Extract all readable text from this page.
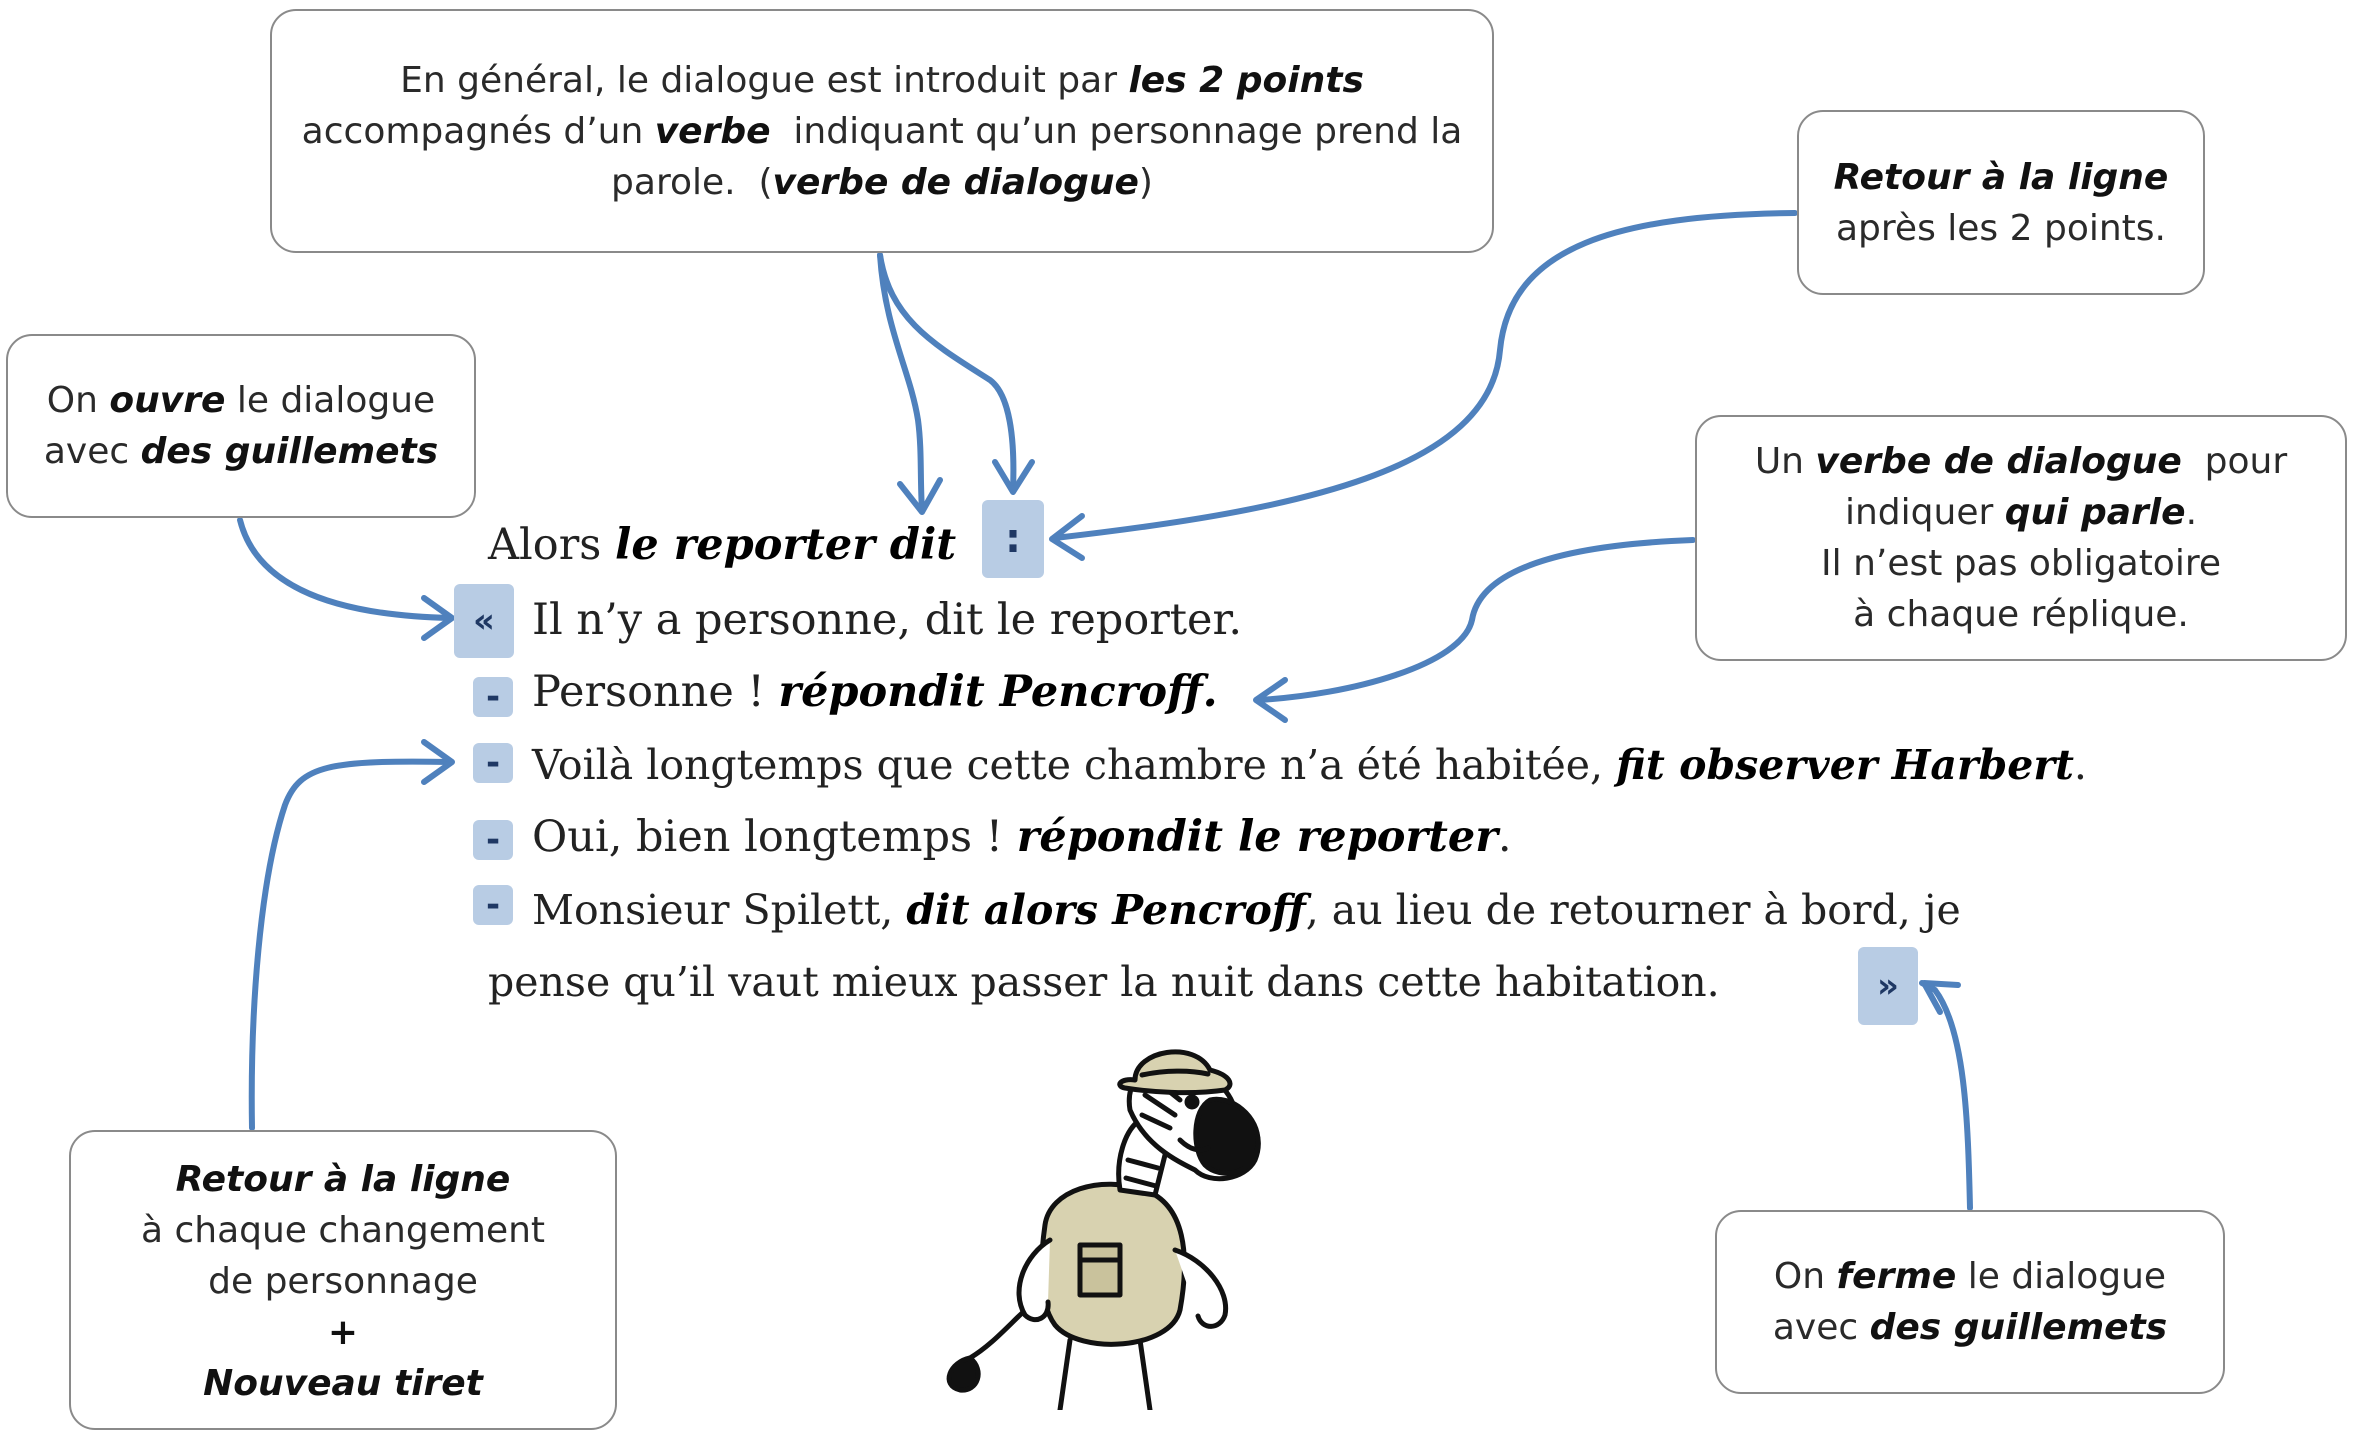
En général, le dialogue est introduit par les 2 points
accompagnés d’un verbe  indiquant qu’un personnage prend la
parole.  (verbe de dialogue)	Retour à la ligne
après les 2 points.
On ouvre le dialogue
avec des guillemets	Un verbe de dialogue  pour
indiquer qui parle.
Il n’est pas obligatoire
à chaque réplique.
Retour à la ligne
à chaque changement
de personnage
+
Nouveau tiret
On ferme le dialogue
avec des guillemets
:
«
-
-
-
-
»
Alors le reporter dit
Il n’y a personne, dit le reporter.
Personne ! répondit Pencroff.
Voilà longtemps que cette chambre n’a été habitée, fit observer Harbert.
Oui, bien longtemps ! répondit le reporter.
Monsieur Spilett, dit alors Pencroff, au lieu de retourner à bord, je
pense qu’il vaut mieux passer la nuit dans cette habitation.
